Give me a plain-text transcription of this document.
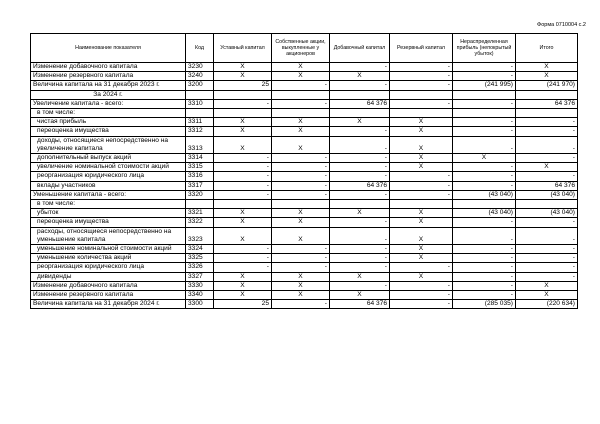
Форма 0710004 с.2
Наименование показателя	Код	Уставный капитал	Собственные акции, выкупленные у акционеров	Добавочный капитал	Резервный капитал	Нераспределенная прибыль (непокрытый убыток)	Итого
Изменение добавочного капитала	3230	X	X	-	-	-	X
Изменение резервного капитала	3240	X	X	X	-	-	X
Величина капитала на 31 декабря 2023 г.	3200	25	-	-	-	(241 995)	(241 970)
За 2024 г.							
Увеличение капитала - всего:	3310	-	-	64 376	-	-	64 376
в том числе:							
чистая прибыль	3311	X	X	X	X	-	-
переоценка имущества	3312	X	X	-	X	-	-
доходы, относящиеся непосредственно на увеличение капитала	3313	X	X	-	X	-	-
дополнительный выпуск акций	3314	-	-	-	X	X	-
увеличение номинальной стоимости акций	3315	-	-	-	X	-	X
реорганизация юридического лица	3316	-	-	-	-	-	-
вклады участников	3317	-	-	64 376	-	-	64 376
Уменьшение капитала - всего:	3320	-	-	-	-	(43 040)	(43 040)
в том числе:							
убыток	3321	X	X	X	X	(43 040)	(43 040)
переоценка имущества	3322	X	X	-	X	-	-
расходы, относящиеся непосредственно на уменьшение капитала	3323	X	X	-	X	-	-
уменьшение номинальной стоимости акций	3324	-	-	-	X	-	-
уменьшение количества акций	3325	-	-	-	X	-	-
реорганизация юридического лица	3326	-	-	-	-	-	-
дивиденды	3327	X	X	X	X	-	-
Изменение добавочного капитала	3330	X	X	-	-	-	X
Изменение резервного капитала	3340	X	X	X	-	-	X
Величина капитала на 31 декабря 2024 г.	3300	25	-	64 376	-	(285 035)	(220 634)
